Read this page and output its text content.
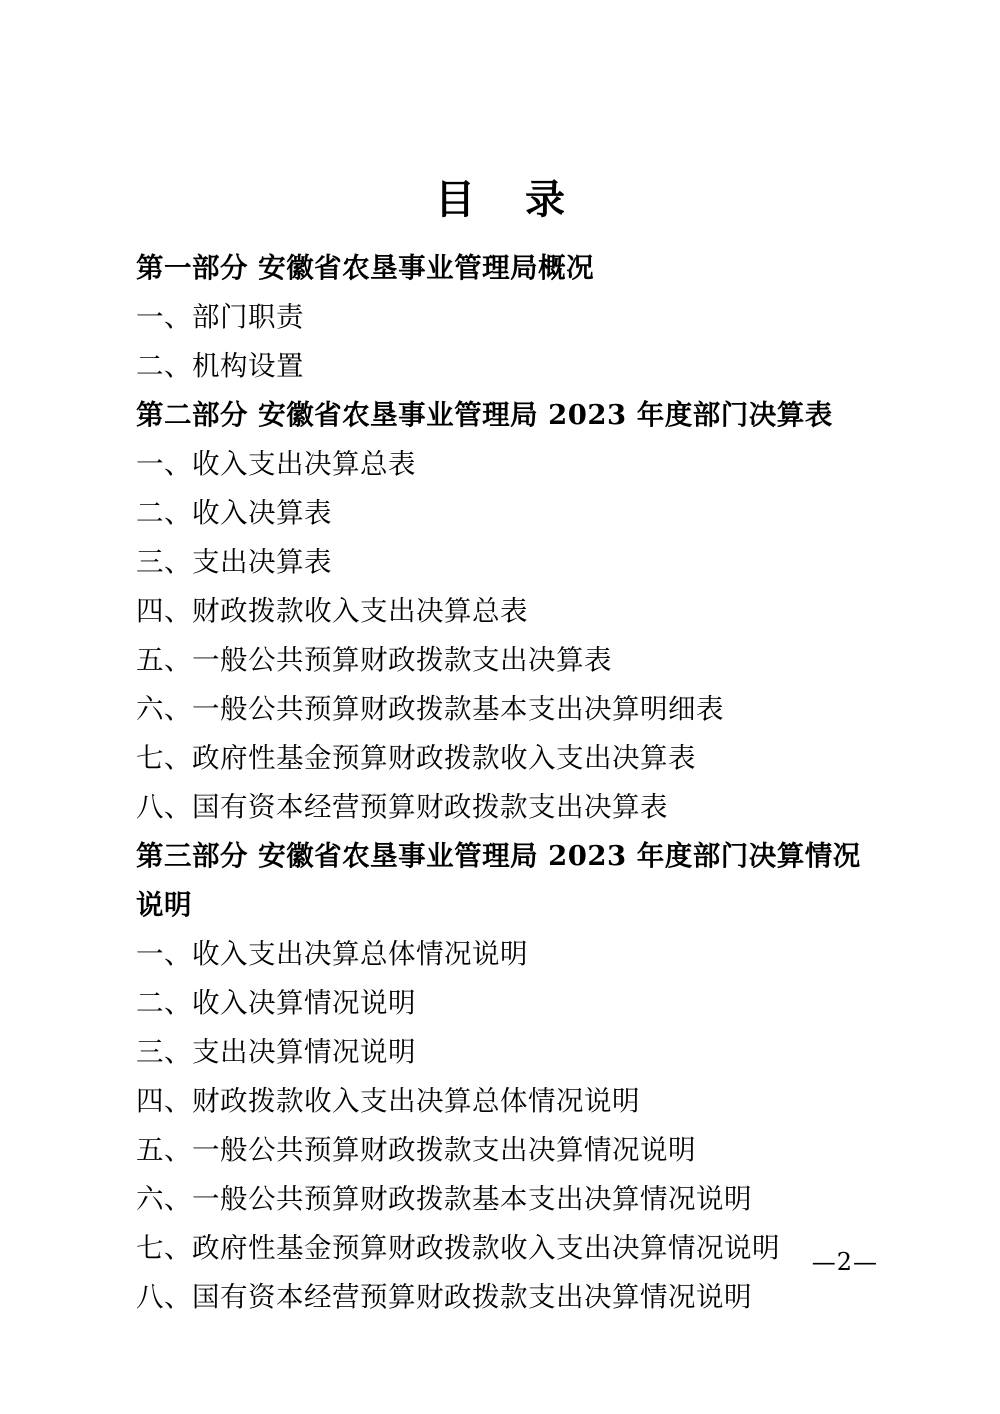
目 录
第一部分 安徽省农垦事业管理局概况
一、部门职责
二、机构设置
第二部分 安徽省农垦事业管理局 2023 年度部门决算表
一、收入支出决算总表
二、收入决算表
三、支出决算表
四、财政拨款收入支出决算总表
五、一般公共预算财政拨款支出决算表
六、一般公共预算财政拨款基本支出决算明细表
七、政府性基金预算财政拨款收入支出决算表
八、国有资本经营预算财政拨款支出决算表
第三部分 安徽省农垦事业管理局 2023 年度部门决算情况说明
一、收入支出决算总体情况说明
二、收入决算情况说明
三、支出决算情况说明
四、财政拨款收入支出决算总体情况说明
五、一般公共预算财政拨款支出决算情况说明
六、一般公共预算财政拨款基本支出决算情况说明
七、政府性基金预算财政拨款收入支出决算情况说明
八、国有资本经营预算财政拨款支出决算情况说明
—2—
